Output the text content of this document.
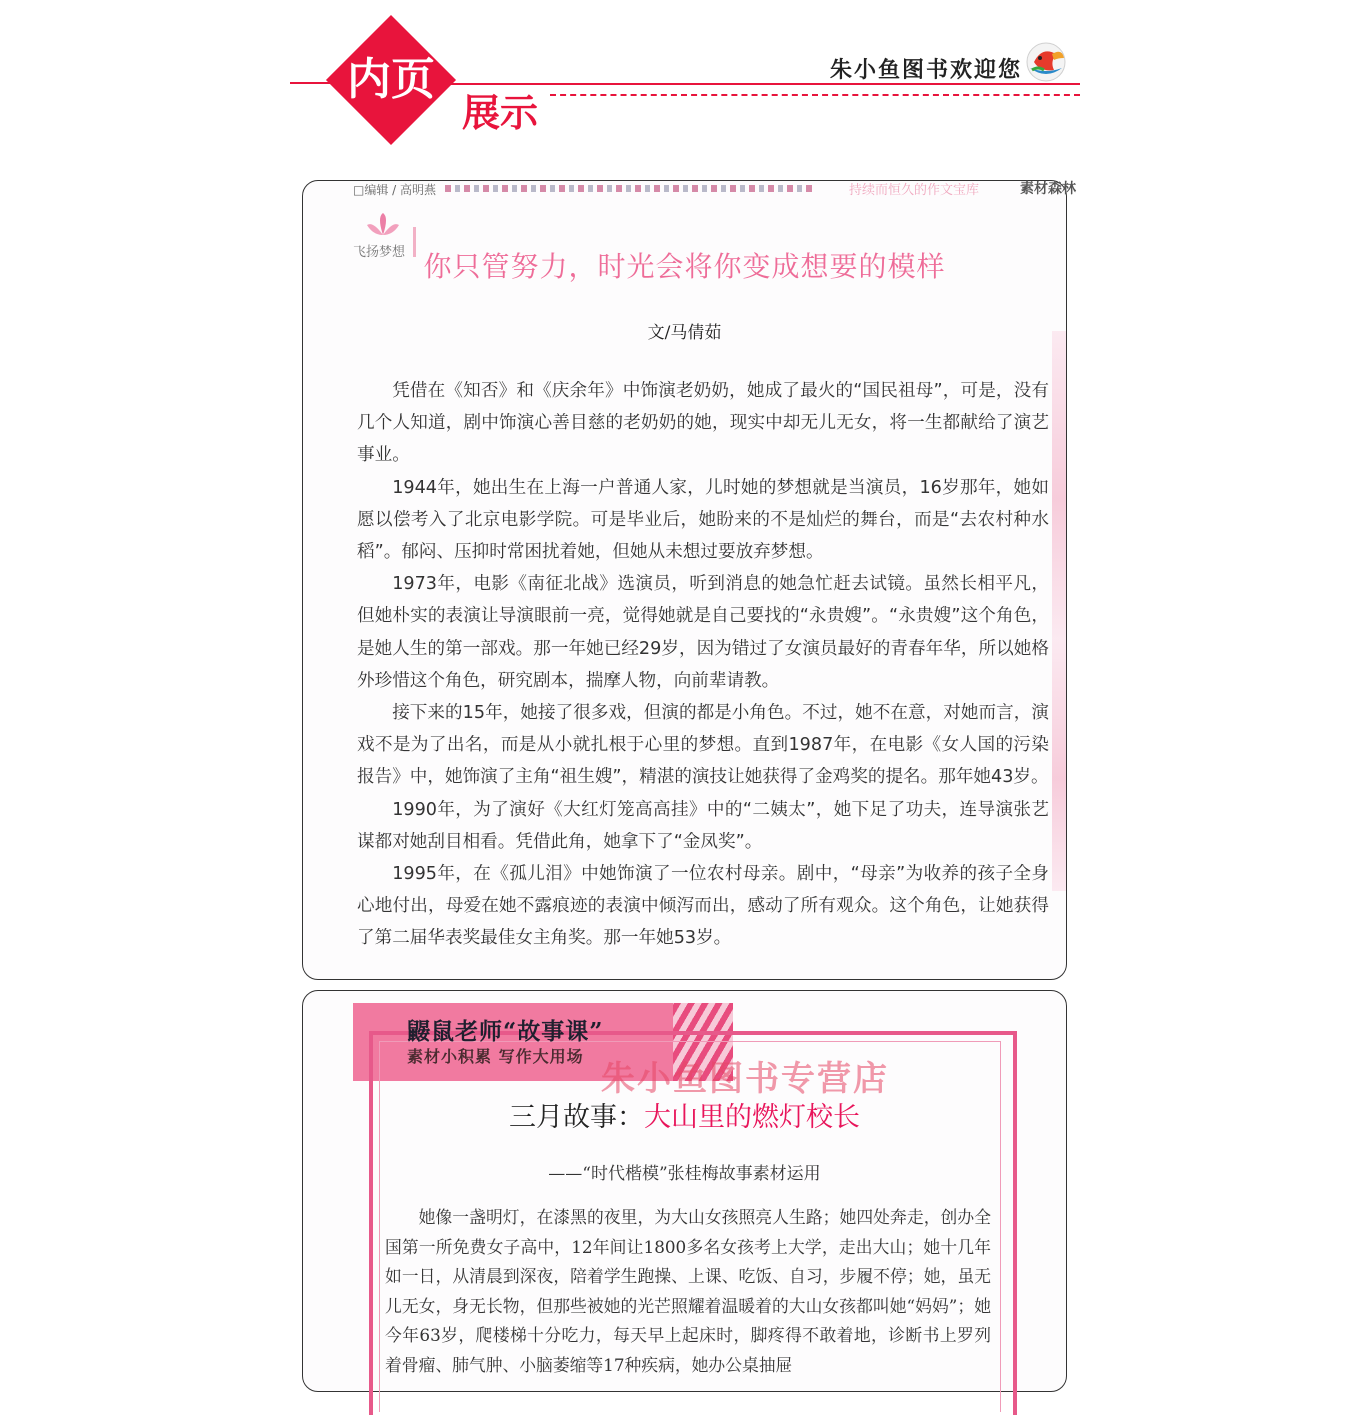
内页
展示
朱小鱼图书欢迎您
□编辑 / 高明燕	持续而恒久的作文宝库	素材森林
飞扬梦想 你只管努力，时光会将你变成想要的模样
文/马倩茹

凭借在《知否》和《庆余年》中饰演老奶奶，她成了最火的“国民祖母”，可是，没有几个人知道，剧中饰演心善目慈的老奶奶的她，现实中却无儿无女，将一生都献给了演艺事业。

1944年，她出生在上海一户普通人家，儿时她的梦想就是当演员，16岁那年，她如愿以偿考入了北京电影学院。可是毕业后，她盼来的不是灿烂的舞台，而是“去农村种水稻”。郁闷、压抑时常困扰着她，但她从未想过要放弃梦想。

1973年，电影《南征北战》选演员，听到消息的她急忙赶去试镜。虽然长相平凡，但她朴实的表演让导演眼前一亮，觉得她就是自己要找的“永贵嫂”。“永贵嫂”这个角色，是她人生的第一部戏。那一年她已经29岁，因为错过了女演员最好的青春年华，所以她格外珍惜这个角色，研究剧本，揣摩人物，向前辈请教。

接下来的15年，她接了很多戏，但演的都是小角色。不过，她不在意，对她而言，演戏不是为了出名，而是从小就扎根于心里的梦想。直到1987年，在电影《女人国的污染报告》中，她饰演了主角“祖生嫂”，精湛的演技让她获得了金鸡奖的提名。那年她43岁。

1990年，为了演好《大红灯笼高高挂》中的“二姨太”，她下足了功夫，连导演张艺谋都对她刮目相看。凭借此角，她拿下了“金凤奖”。

1995年，在《孤儿泪》中她饰演了一位农村母亲。剧中，“母亲”为收养的孩子全身心地付出，母爱在她不露痕迹的表演中倾泻而出，感动了所有观众。这个角色，让她获得了第二届华表奖最佳女主角奖。那一年她53岁。

鼹鼠老师“故事课”
素材小积累 写作大用场
朱小鱼图书专营店
三月故事：大山里的燃灯校长
——“时代楷模”张桂梅故事素材运用

她像一盏明灯，在漆黑的夜里，为大山女孩照亮人生路；她四处奔走，创办全国第一所免费女子高中，12年间让1800多名女孩考上大学，走出大山；她十几年如一日，从清晨到深夜，陪着学生跑操、上课、吃饭、自习，步履不停；她，虽无儿无女，身无长物，但那些被她的光芒照耀着温暖着的大山女孩都叫她“妈妈”；她今年63岁，爬楼梯十分吃力，每天早上起床时，脚疼得不敢着地，诊断书上罗列着骨瘤、肺气肿、小脑萎缩等17种疾病，她办公桌抽屉
